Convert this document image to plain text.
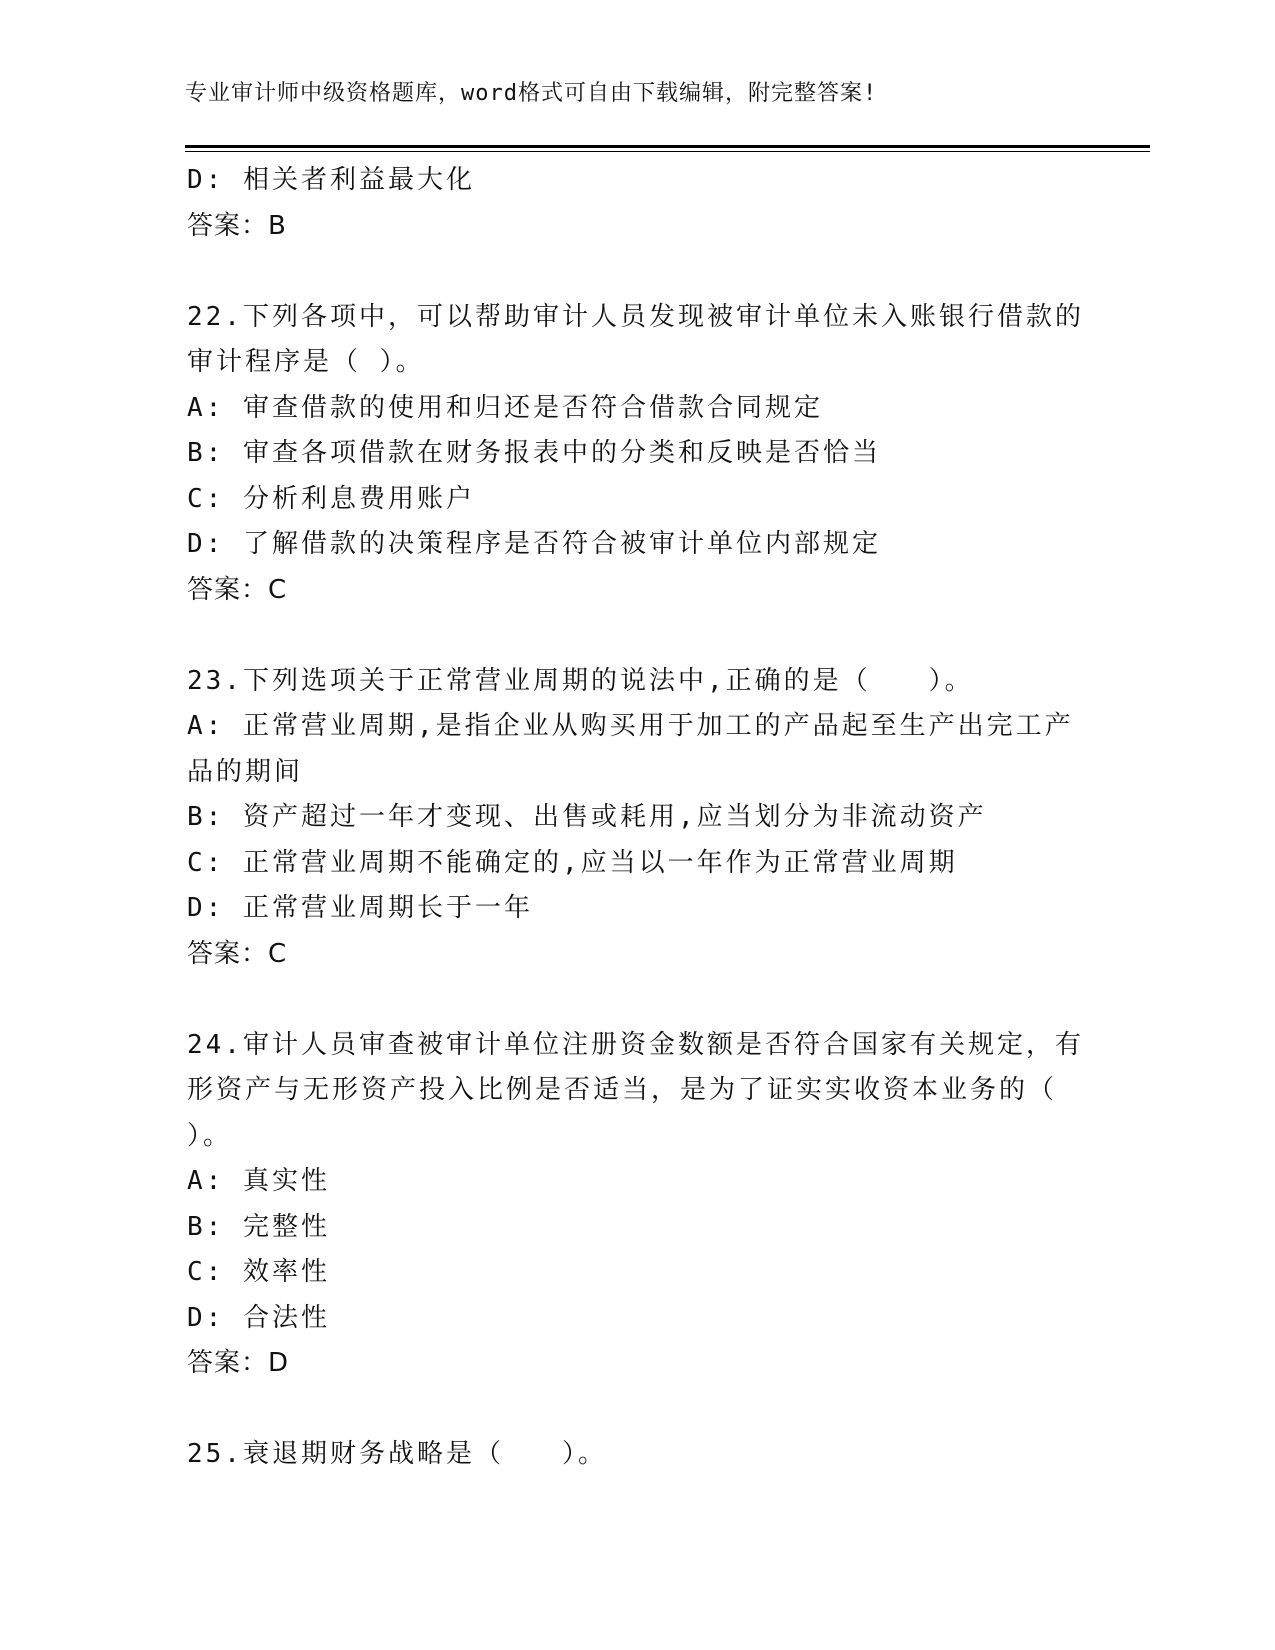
专业审计师中级资格题库，word格式可自由下载编辑，附完整答案!
D: 相关者利益最大化
答案：B
22.下列各项中，可以帮助审计人员发现被审计单位未入账银行借款的
审计程序是（ ）。
A: 审查借款的使用和归还是否符合借款合同规定
B: 审查各项借款在财务报表中的分类和反映是否恰当
C: 分析利息费用账户
D: 了解借款的决策程序是否符合被审计单位内部规定
答案：C
23.下列选项关于正常营业周期的说法中,正确的是（　　）。
A: 正常营业周期,是指企业从购买用于加工的产品起至生产出完工产
品的期间
B: 资产超过一年才变现、出售或耗用,应当划分为非流动资产
C: 正常营业周期不能确定的,应当以一年作为正常营业周期
D: 正常营业周期长于一年
答案：C
24.审计人员审查被审计单位注册资金数额是否符合国家有关规定，有
形资产与无形资产投入比例是否适当，是为了证实实收资本业务的（
）。
A: 真实性
B: 完整性
C: 效率性
D: 合法性
答案：D
25.衰退期财务战略是（　　）。
